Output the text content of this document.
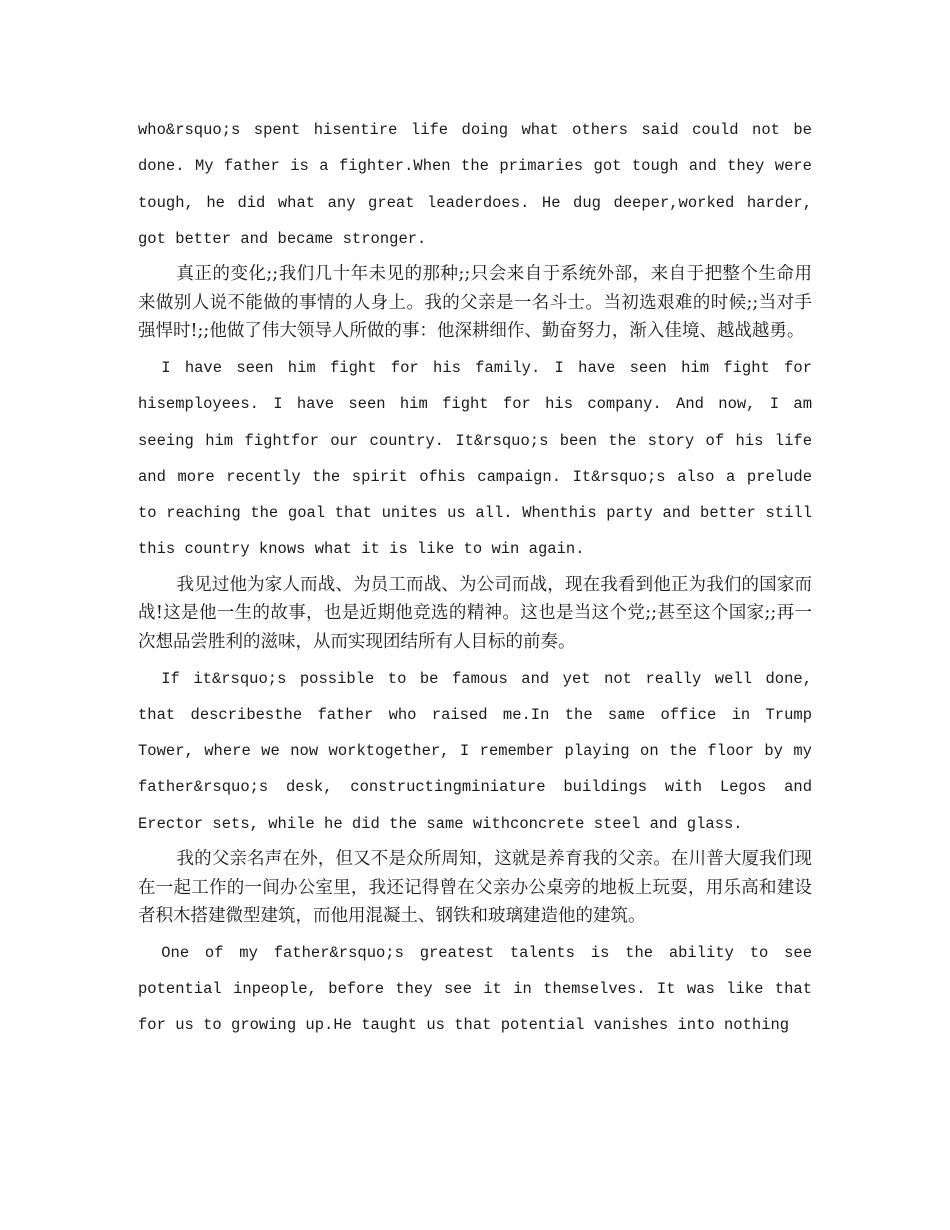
who&rsquo;s spent hisentire life doing what others said could not be done. My father is a fighter.When the primaries got tough and they were tough, he did what any great leaderdoes. He dug deeper,worked harder, got better and became stronger.

真正的变化;;我们几十年未见的那种;;只会来自于系统外部，来自于把整个生命用来做别人说不能做的事情的人身上。我的父亲是一名斗士。当初选艰难的时候;;当对手强悍时!;;他做了伟大领导人所做的事：他深耕细作、勤奋努力，渐入佳境、越战越勇。

I have seen him fight for his family. I have seen him fight for hisemployees. I have seen him fight for his company. And now, I am seeing him fightfor our country. It&rsquo;s been the story of his life and more recently the spirit ofhis campaign. It&rsquo;s also a prelude to reaching the goal that unites us all. Whenthis party and better still this country knows what it is like to win again.

我见过他为家人而战、为员工而战、为公司而战，现在我看到他正为我们的国家而战!这是他一生的故事，也是近期他竞选的精神。这也是当这个党;;甚至这个国家;;再一次想品尝胜利的滋味，从而实现团结所有人目标的前奏。

If it&rsquo;s possible to be famous and yet not really well done, that describesthe father who raised me.In the same office in Trump Tower, where we now worktogether, I remember playing on the floor by my father&rsquo;s desk, constructingminiature buildings with Legos and Erector sets, while he did the same withconcrete steel and glass.

我的父亲名声在外，但又不是众所周知，这就是养育我的父亲。在川普大厦我们现在一起工作的一间办公室里，我还记得曾在父亲办公桌旁的地板上玩耍，用乐高和建设者积木搭建微型建筑，而他用混凝土、钢铁和玻璃建造他的建筑。

One of my father&rsquo;s greatest talents is the ability to see potential inpeople, before they see it in themselves. It was like that for us to growing up.He taught us that potential vanishes into nothing
